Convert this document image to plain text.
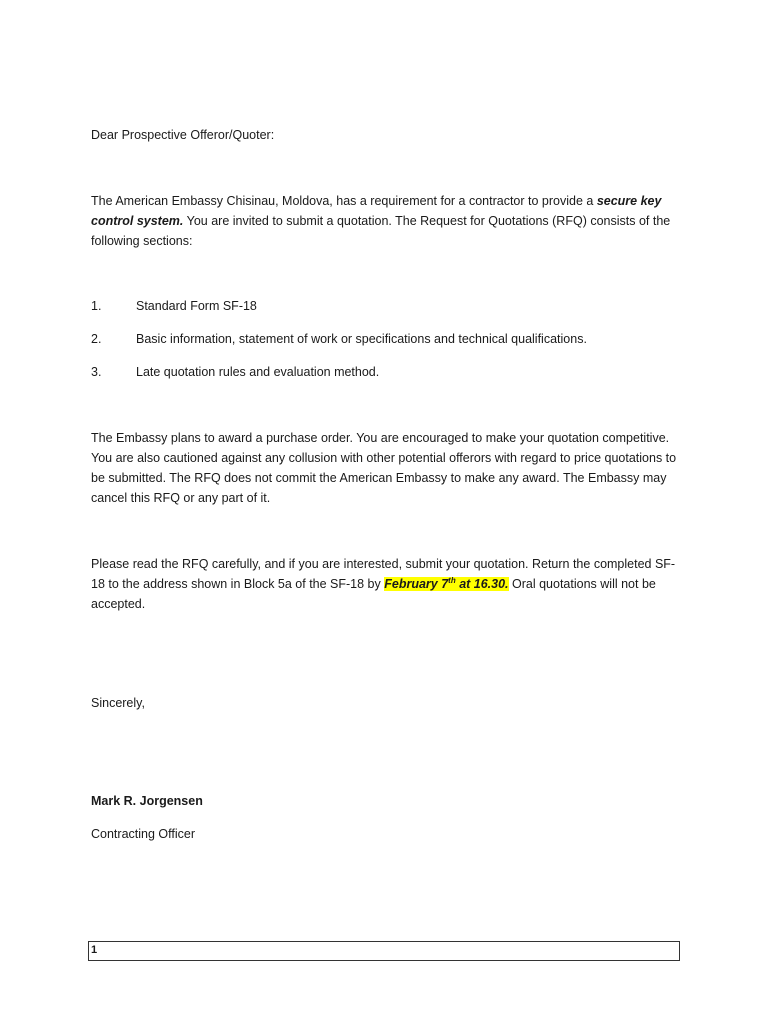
Dear Prospective Offeror/Quoter:

The American Embassy Chisinau, Moldova, has a requirement for a contractor to provide a secure key control system. You are invited to submit a quotation. The Request for Quotations (RFQ) consists of the following sections:

1.	Standard Form SF-18
2.	Basic information, statement of work or specifications and technical qualifications.
3.	Late quotation rules and evaluation method.

The Embassy plans to award a purchase order. You are encouraged to make your quotation competitive. You are also cautioned against any collusion with other potential offerors with regard to price quotations to be submitted. The RFQ does not commit the American Embassy to make any award. The Embassy may cancel this RFQ or any part of it.

Please read the RFQ carefully, and if you are interested, submit your quotation. Return the completed SF-18 to the address shown in Block 5a of the SF-18 by February 7th at 16.30. Oral quotations will not be accepted.

Sincerely,

Mark R. Jorgensen

Contracting Officer

1
